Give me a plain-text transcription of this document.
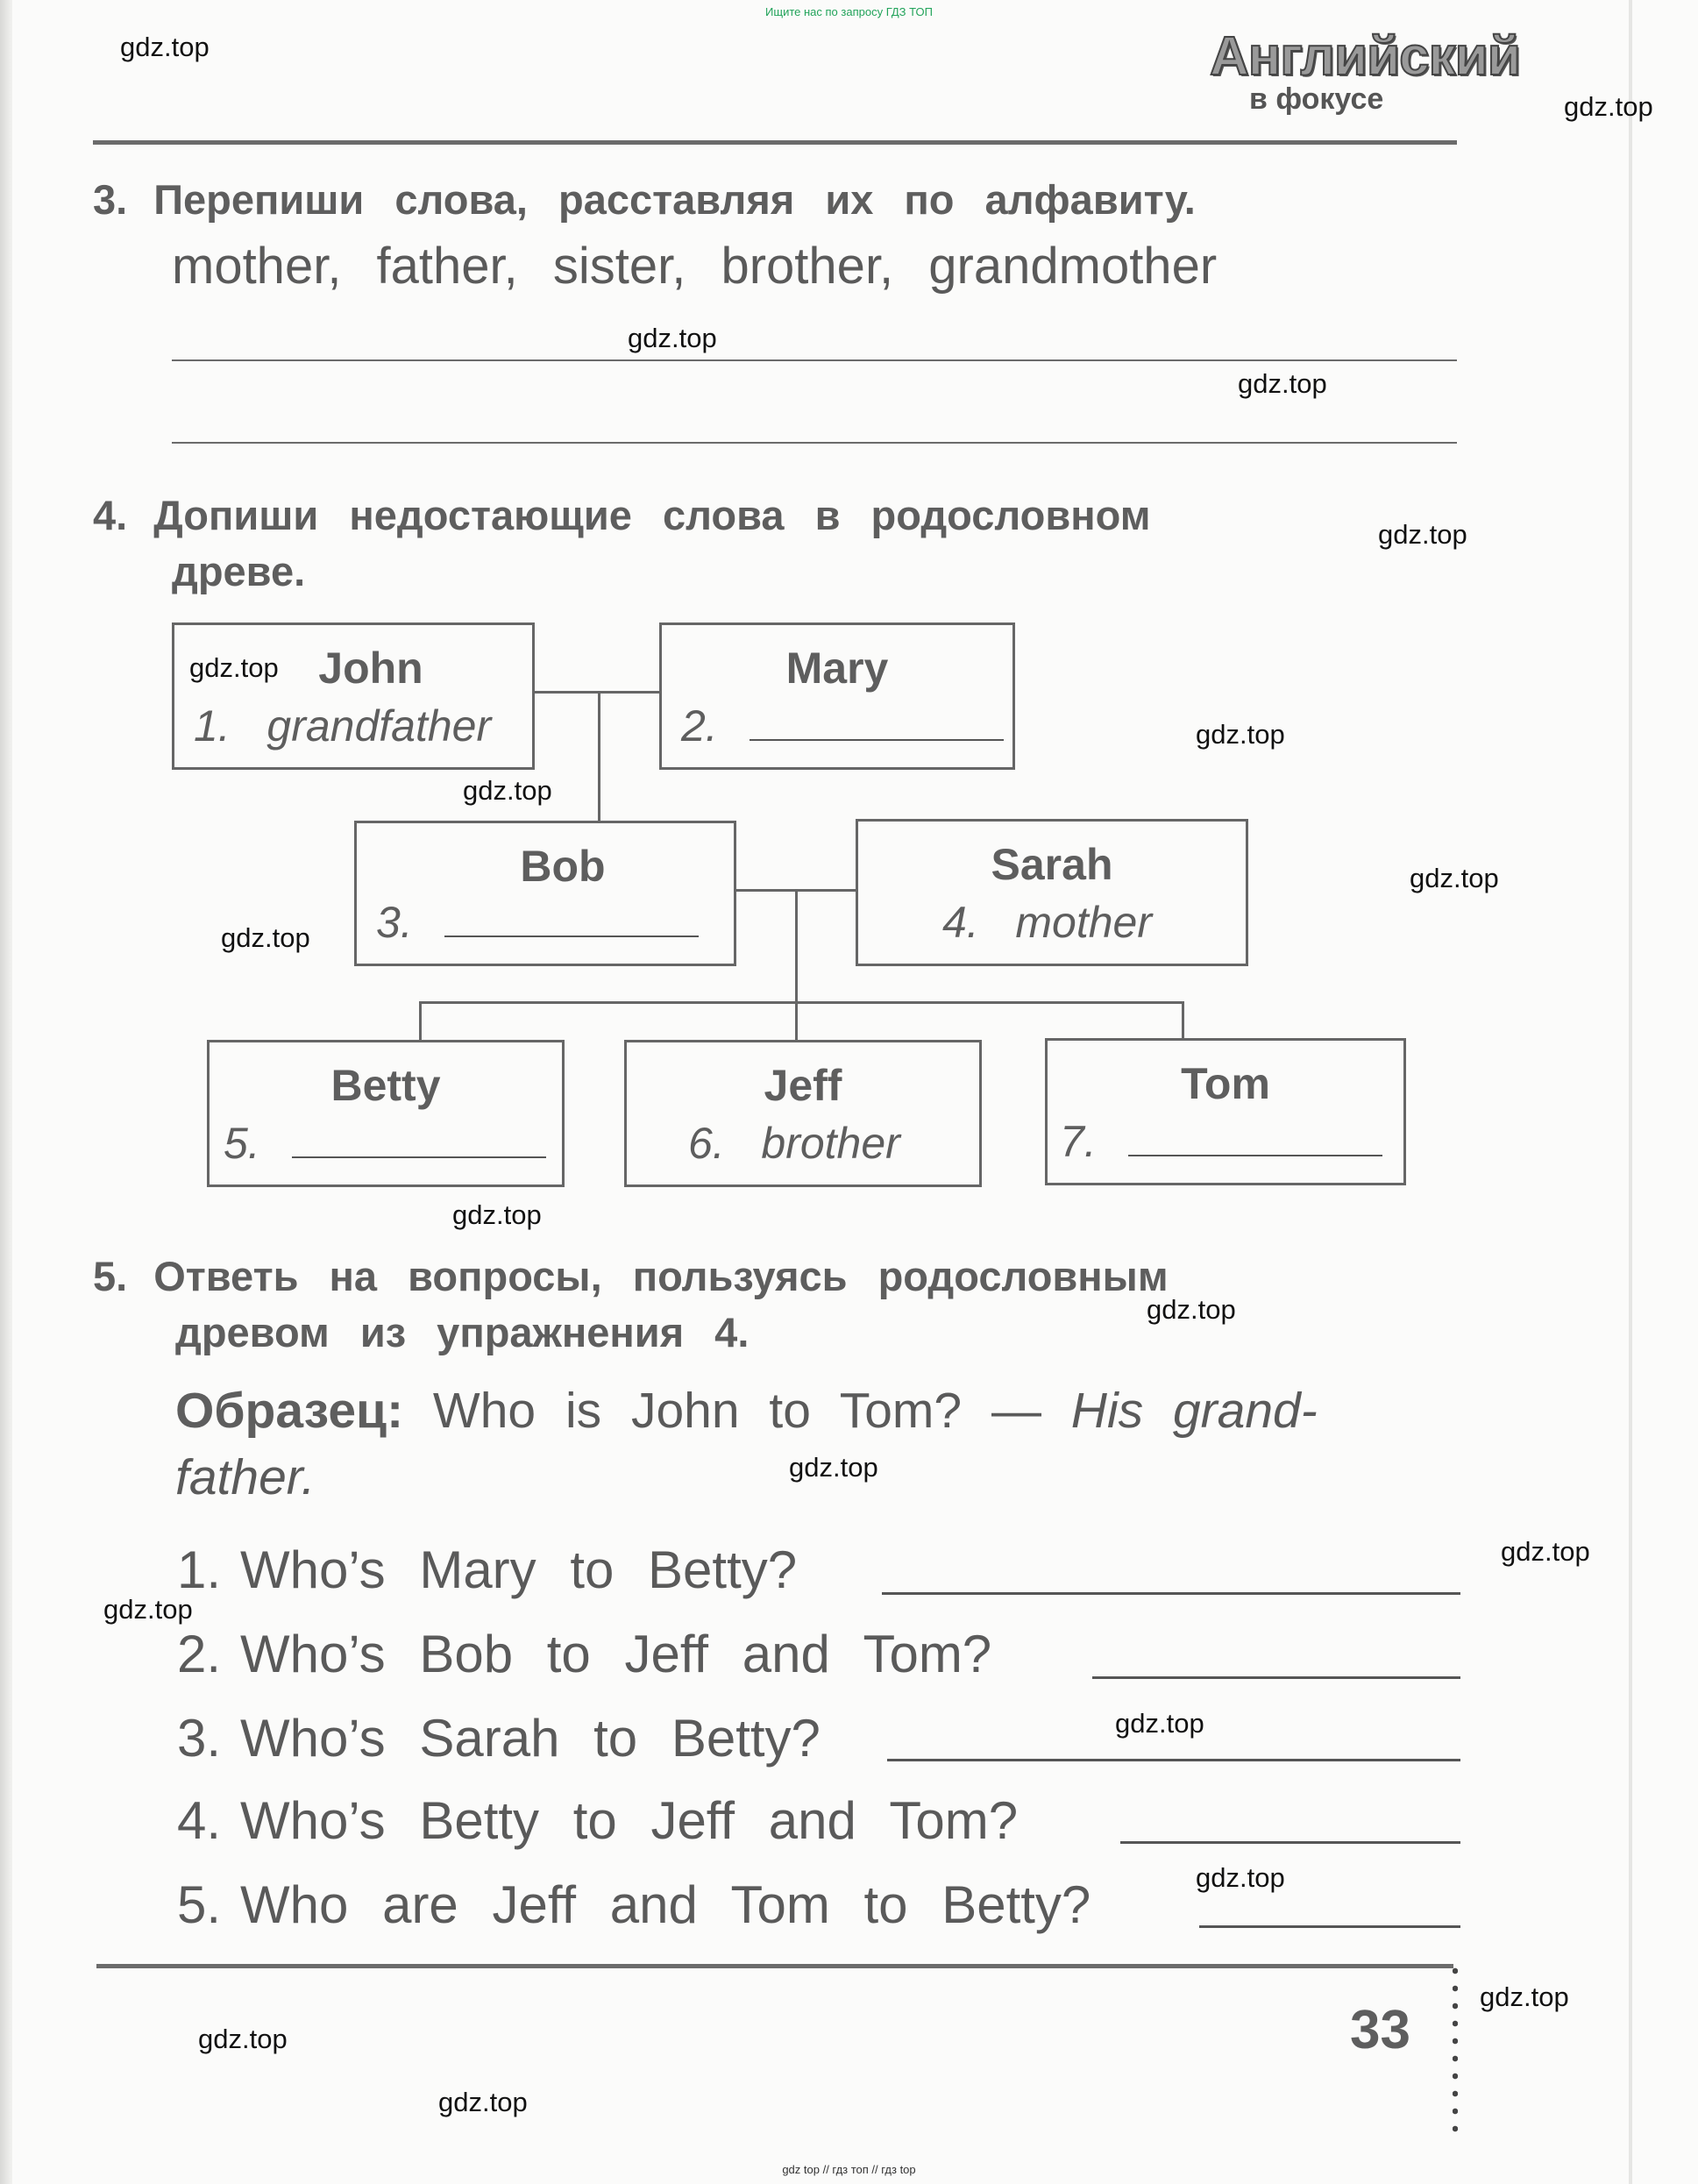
Ищите нас по запросу ГДЗ ТОП
Английский
в фокусе
3. Перепиши слова, расставляя их по алфавиту.
mother, father, sister, brother, grandmother
4. Допиши недостающие слова в родословном
древе.
John
1. grandfather
Mary
2.
Bob
3.
Sarah
4. mother
Betty
5.
Jeff
6. brother
Tom
7.
5. Ответь на вопросы, пользуясь родословным
древом из упражнения 4.
Образец: Who is John to Tom? — His grand-
father.
1. Who’s Mary to Betty?
2. Who’s Bob to Jeff and Tom?
3. Who’s Sarah to Betty?
4. Who’s Betty to Jeff and Tom?
5. Who are Jeff and Tom to Betty?
33
gdz top // гдз топ // гдз top
gdz.top
gdz.top
gdz.top
gdz.top
gdz.top
gdz.top
gdz.top
gdz.top
gdz.top
gdz.top
gdz.top
gdz.top
gdz.top
gdz.top
gdz.top
gdz.top
gdz.top
gdz.top
gdz.top
gdz.top
